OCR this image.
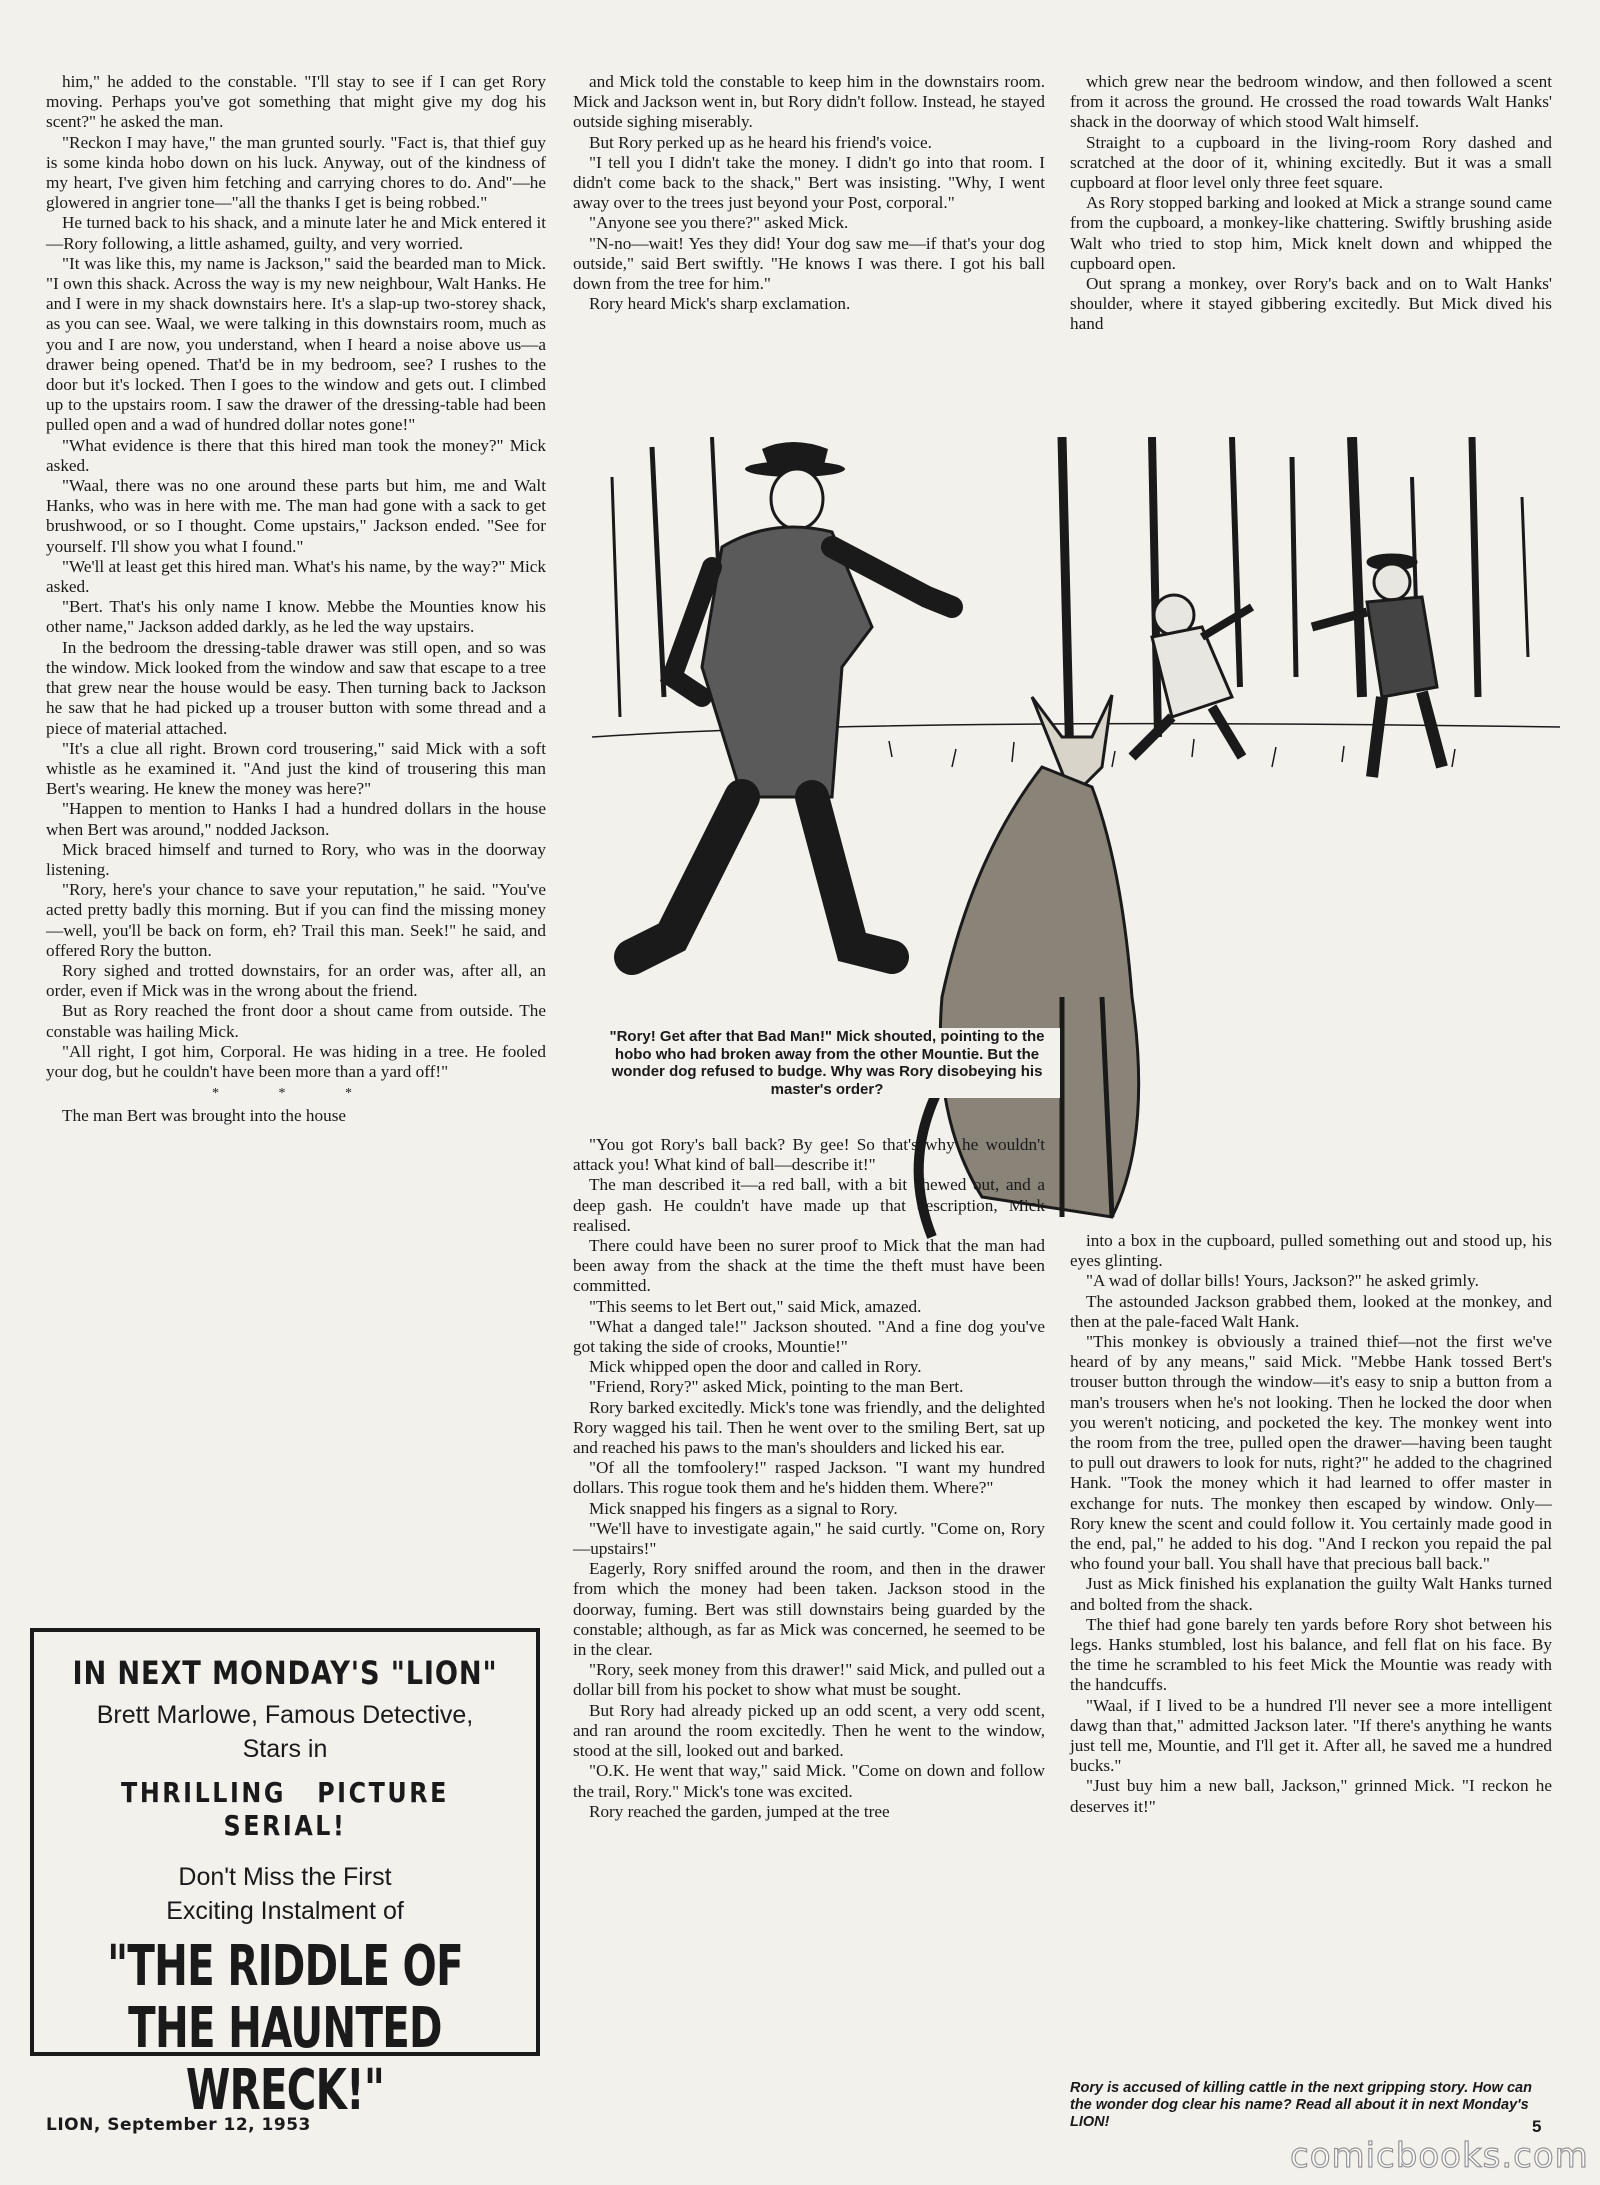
him," he added to the constable. "I'll stay to see if I can get Rory moving. Perhaps you've got something that might give my dog his scent?" he asked the man.

"Reckon I may have," the man grunted sourly. "Fact is, that thief guy is some kinda hobo down on his luck. Anyway, out of the kindness of my heart, I've given him fetching and carrying chores to do. And"—he glowered in angrier tone—"all the thanks I get is being robbed."

He turned back to his shack, and a minute later he and Mick entered it—Rory following, a little ashamed, guilty, and very worried.

"It was like this, my name is Jackson," said the bearded man to Mick. "I own this shack. Across the way is my new neighbour, Walt Hanks. He and I were in my shack downstairs here. It's a slap-up two-storey shack, as you can see. Waal, we were talking in this downstairs room, much as you and I are now, you understand, when I heard a noise above us—a drawer being opened. That'd be in my bedroom, see? I rushes to the door but it's locked. Then I goes to the window and gets out. I climbed up to the upstairs room. I saw the drawer of the dressing-table had been pulled open and a wad of hundred dollar notes gone!"

"What evidence is there that this hired man took the money?" Mick asked.

"Waal, there was no one around these parts but him, me and Walt Hanks, who was in here with me. The man had gone with a sack to get brushwood, or so I thought. Come upstairs," Jackson ended. "See for yourself. I'll show you what I found."

"We'll at least get this hired man. What's his name, by the way?" Mick asked.

"Bert. That's his only name I know. Mebbe the Mounties know his other name," Jackson added darkly, as he led the way upstairs.

In the bedroom the dressing-table drawer was still open, and so was the window. Mick looked from the window and saw that escape to a tree that grew near the house would be easy. Then turning back to Jackson he saw that he had picked up a trouser button with some thread and a piece of material attached.

"It's a clue all right. Brown cord trousering," said Mick with a soft whistle as he examined it. "And just the kind of trousering this man Bert's wearing. He knew the money was here?"

"Happen to mention to Hanks I had a hundred dollars in the house when Bert was around," nodded Jackson.

Mick braced himself and turned to Rory, who was in the doorway listening.

"Rory, here's your chance to save your reputation," he said. "You've acted pretty badly this morning. But if you can find the missing money—well, you'll be back on form, eh? Trail this man. Seek!" he said, and offered Rory the button.

Rory sighed and trotted downstairs, for an order was, after all, an order, even if Mick was in the wrong about the friend.

But as Rory reached the front door a shout came from outside. The constable was hailing Mick.

"All right, I got him, Corporal. He was hiding in a tree. He fooled your dog, but he couldn't have been more than a yard off!"

* * *

The man Bert was brought into the house

and Mick told the constable to keep him in the downstairs room. Mick and Jackson went in, but Rory didn't follow. Instead, he stayed outside sighing miserably.

But Rory perked up as he heard his friend's voice.

"I tell you I didn't take the money. I didn't go into that room. I didn't come back to the shack," Bert was insisting. "Why, I went away over to the trees just beyond your Post, corporal."

"Anyone see you there?" asked Mick.

"N-no—wait! Yes they did! Your dog saw me—if that's your dog outside," said Bert swiftly. "He knows I was there. I got his ball down from the tree for him."

Rory heard Mick's sharp exclamation.

"Rory! Get after that Bad Man!" Mick shouted, pointing to the hobo who had broken away from the other Mountie. But the wonder dog refused to budge. Why was Rory disobeying his master's order?

"You got Rory's ball back? By gee! So that's why he wouldn't attack you! What kind of ball—describe it!"

The man described it—a red ball, with a bit chewed out, and a deep gash. He couldn't have made up that description, Mick realised.

There could have been no surer proof to Mick that the man had been away from the shack at the time the theft must have been committed.

"This seems to let Bert out," said Mick, amazed.

"What a danged tale!" Jackson shouted. "And a fine dog you've got taking the side of crooks, Mountie!"

Mick whipped open the door and called in Rory.

"Friend, Rory?" asked Mick, pointing to the man Bert.

Rory barked excitedly. Mick's tone was friendly, and the delighted Rory wagged his tail. Then he went over to the smiling Bert, sat up and reached his paws to the man's shoulders and licked his ear.

"Of all the tomfoolery!" rasped Jackson. "I want my hundred dollars. This rogue took them and he's hidden them. Where?"

Mick snapped his fingers as a signal to Rory.

"We'll have to investigate again," he said curtly. "Come on, Rory—upstairs!"

Eagerly, Rory sniffed around the room, and then in the drawer from which the money had been taken. Jackson stood in the doorway, fuming. Bert was still downstairs being guarded by the constable; although, as far as Mick was concerned, he seemed to be in the clear.

"Rory, seek money from this drawer!" said Mick, and pulled out a dollar bill from his pocket to show what must be sought.

But Rory had already picked up an odd scent, a very odd scent, and ran around the room excitedly. Then he went to the window, stood at the sill, looked out and barked.

"O.K. He went that way," said Mick. "Come on down and follow the trail, Rory." Mick's tone was excited.

Rory reached the garden, jumped at the tree

which grew near the bedroom window, and then followed a scent from it across the ground. He crossed the road towards Walt Hanks' shack in the doorway of which stood Walt himself.

Straight to a cupboard in the living-room Rory dashed and scratched at the door of it, whining excitedly. But it was a small cupboard at floor level only three feet square.

As Rory stopped barking and looked at Mick a strange sound came from the cupboard, a monkey-like chattering. Swiftly brushing aside Walt who tried to stop him, Mick knelt down and whipped the cupboard open.

Out sprang a monkey, over Rory's back and on to Walt Hanks' shoulder, where it stayed gibbering excitedly. But Mick dived his hand

into a box in the cupboard, pulled something out and stood up, his eyes glinting.

"A wad of dollar bills! Yours, Jackson?" he asked grimly.

The astounded Jackson grabbed them, looked at the monkey, and then at the pale-faced Walt Hank.

"This monkey is obviously a trained thief—not the first we've heard of by any means," said Mick. "Mebbe Hank tossed Bert's trouser button through the window—it's easy to snip a button from a man's trousers when he's not looking. Then he locked the door when you weren't noticing, and pocketed the key. The monkey went into the room from the tree, pulled open the drawer—having been taught to pull out drawers to look for nuts, right?" he added to the chagrined Hank. "Took the money which it had learned to offer master in exchange for nuts. The monkey then escaped by window. Only—Rory knew the scent and could follow it. You certainly made good in the end, pal," he added to his dog. "And I reckon you repaid the pal who found your ball. You shall have that precious ball back."

Just as Mick finished his explanation the guilty Walt Hanks turned and bolted from the shack.

The thief had gone barely ten yards before Rory shot between his legs. Hanks stumbled, lost his balance, and fell flat on his face. By the time he scrambled to his feet Mick the Mountie was ready with the handcuffs.

"Waal, if I lived to be a hundred I'll never see a more intelligent dawg than that," admitted Jackson later. "If there's anything he wants just tell me, Mountie, and I'll get it. After all, he saved me a hundred bucks."

"Just buy him a new ball, Jackson," grinned Mick. "I reckon he deserves it!"

Rory is accused of killing cattle in the next gripping story. How can the wonder dog clear his name? Read all about it in next Monday's LION!
IN NEXT MONDAY'S "LION"
Brett Marlowe, Famous Detective,
Stars in
THRILLING PICTURE SERIAL!
Don't Miss the First
Exciting Instalment of
"THE RIDDLE OF
THE HAUNTED WRECK!"
LION, September 12, 1953	5
comicbooks.com
